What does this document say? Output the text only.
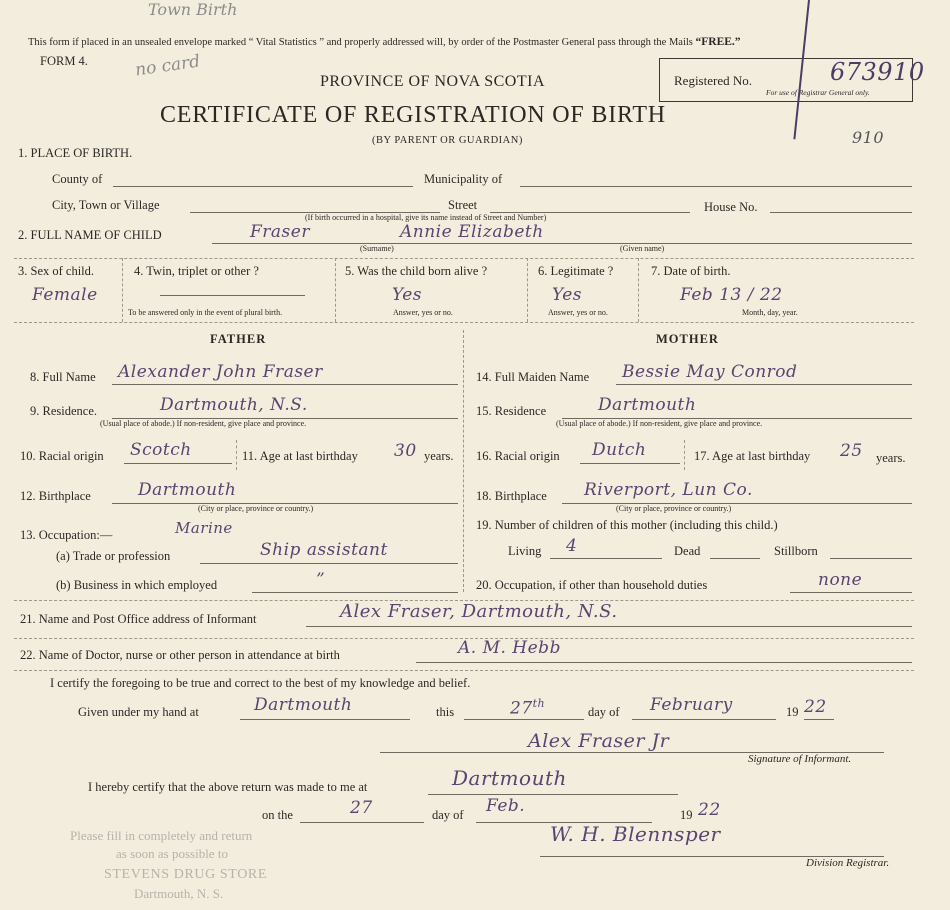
Town Birth
no card
This form if placed in an unsealed envelope marked “ Vital Statistics ” and properly addressed will, by order of the Postmaster General pass through the Mails “FREE.”
FORM 4.
PROVINCE OF NOVA SCOTIA
CERTIFICATE OF REGISTRATION OF BIRTH
(BY PARENT OR GUARDIAN)
Registered No.
For use of Registrar General only.
673910
910
1. PLACE OF BIRTH.
County of	Municipality of
City, Town or Village	Street	House No.
(If birth occurred in a hospital, give its name instead of Street and Number)
2. FULL NAME OF CHILD	Fraser	Annie Elizabeth
(Surname)	(Given name)
3. Sex of child.
Female
4. Twin, triplet or other ?
To be answered only in the event of plural birth.
5. Was the child born alive ?
Yes
Answer, yes or no.
6. Legitimate ?
Yes
Answer, yes or no.
7. Date of birth.
Feb 13 / 22
Month, day, year.
FATHER	MOTHER
8. Full Name Alexander John Fraser
9. Residence.	Dartmouth, N.S.
(Usual place of abode.) If non-resident, give place and province.
10. Racial origin Scotch	11. Age at last birthday 30 years.
12. Birthplace	Dartmouth
(City or place, province or country.)
13. Occupation:—	Marine
(a) Trade or profession	Ship assistant
(b) Business in which employed	”
14. Full Maiden Name Bessie May Conrod
15. Residence	Dartmouth
(Usual place of abode.) If non-resident, give place and province.
16. Racial origin Dutch	17. Age at last birthday 25 years.
18. Birthplace Riverport, Lun Co.
(City or place, province or country.)
19. Number of children of this mother (including this child.)
Living 4	Dead	Stillborn
20. Occupation, if other than household duties	none
21. Name and Post Office address of Informant	Alex Fraser, Dartmouth, N.S.
22. Name of Doctor, nurse or other person in attendance at birth	A. M. Hebb
I certify the foregoing to be true and correct to the best of my knowledge and belief.
Given under my hand at	Dartmouth	this	27th
day of February	19 22
Alex Fraser Jr
Signature of Informant.
I hereby certify that the above return was made to me at	Dartmouth
on the	27	day of Feb.	19 22
W. H. Blennsper
Division Registrar.
Please fill in completely and return
as soon as possible to
STEVENS DRUG STORE
Dartmouth, N. S.
